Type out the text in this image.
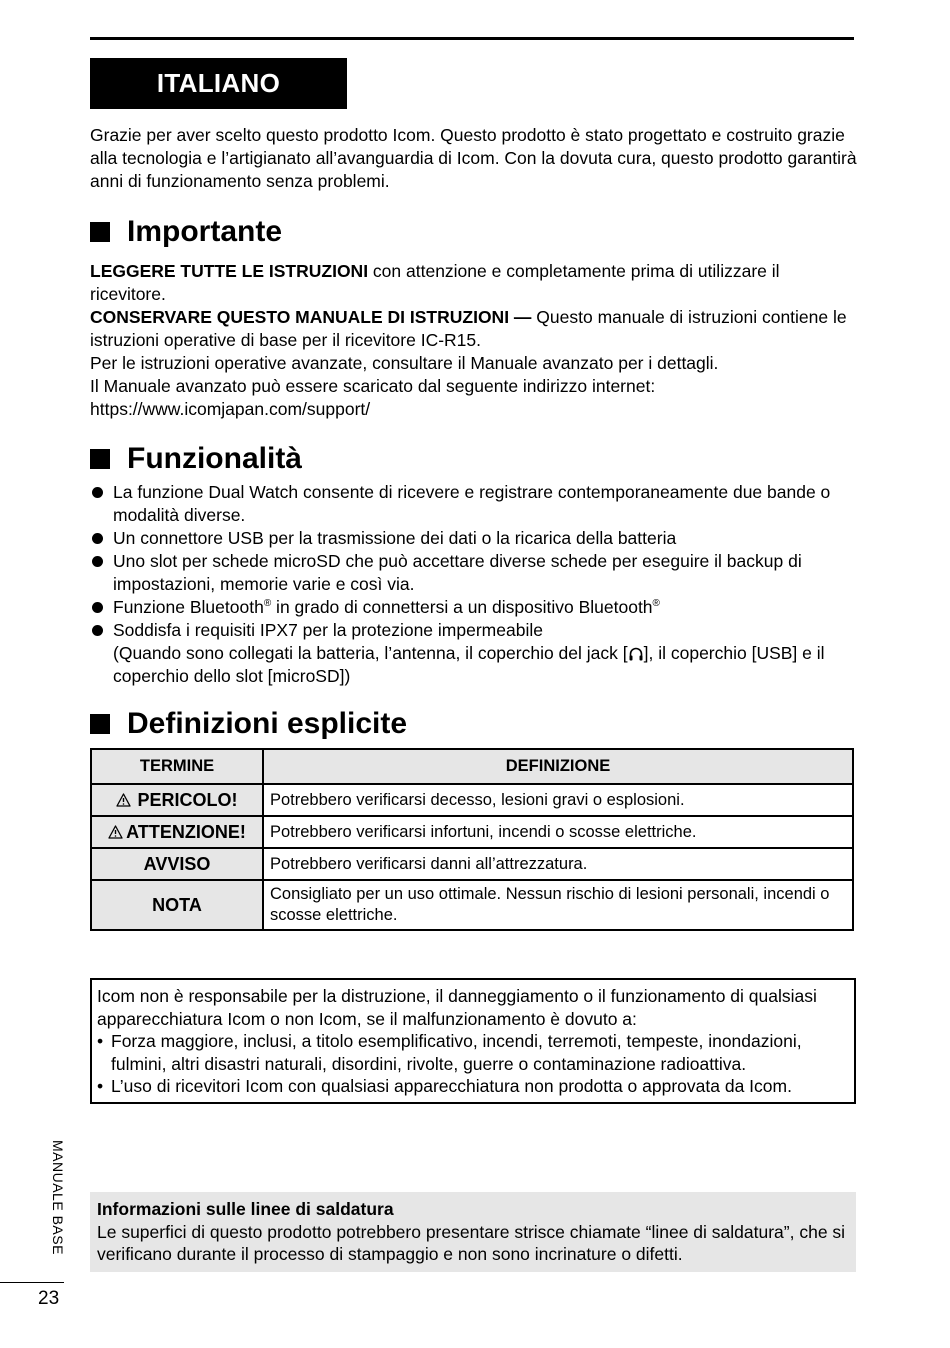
ITALIANO

Grazie per aver scelto questo prodotto Icom. Questo prodotto è stato progettato e costruito grazie alla tecnologia e l’artigianato all’avanguardia di Icom. Con la dovuta cura, questo prodotto garantirà anni di funzionamento senza problemi.

Importante

LEGGERE TUTTE LE ISTRUZIONI con attenzione e completamente prima di utilizzare il ricevitore.

CONSERVARE QUESTO MANUALE DI ISTRUZIONI — Questo manuale di istruzioni contiene le istruzioni operative di base per il ricevitore IC-R15.

Per le istruzioni operative avanzate, consultare il Manuale avanzato per i dettagli.

Il Manuale avanzato può essere scaricato dal seguente indirizzo internet:

https://www.icomjapan.com/support/

Funzionalità
La funzione Dual Watch consente di ricevere e registrare contemporaneamente due bande o modalità diverse.
Un connettore USB per la trasmissione dei dati o la ricarica della batteria
Uno slot per schede microSD che può accettare diverse schede per eseguire il backup di impostazioni, memorie varie e così via.
Funzione Bluetooth® in grado di connettersi a un dispositivo Bluetooth®
Soddisfa i requisiti IPX7 per la protezione impermeabile
(Quando sono collegati la batteria, l’antenna, il coperchio del jack [ ], il coperchio [USB] e il coperchio dello slot [microSD])
Definizioni esplicite
TERMINE	DEFINIZIONE
PERICOLO!	Potrebbero verificarsi decesso, lesioni gravi o esplosioni.
ATTENZIONE!	Potrebbero verificarsi infortuni, incendi o scosse elettriche.
AVVISO	Potrebbero verificarsi danni all’attrezzatura.
NOTA	Consigliato per un uso ottimale. Nessun rischio di lesioni personali, incendi o scosse elettriche.

Icom non è responsabile per la distruzione, il danneggiamento o il funzionamento di qualsiasi apparecchiatura Icom o non Icom, se il malfunzionamento è dovuto a:

• Forza maggiore, inclusi, a titolo esemplificativo, incendi, terremoti, tempeste, inondazioni, fulmini, altri disastri naturali, disordini, rivolte, guerre o contaminazione radioattiva.

• L’uso di ricevitori Icom con qualsiasi apparecchiatura non prodotta o approvata da Icom.

Informazioni sulle linee di saldatura

Le superfici di questo prodotto potrebbero presentare strisce chiamate “linee di saldatura”, che si verificano durante il processo di stampaggio e non sono incrinature o difetti.

MANUALE BASE
23
